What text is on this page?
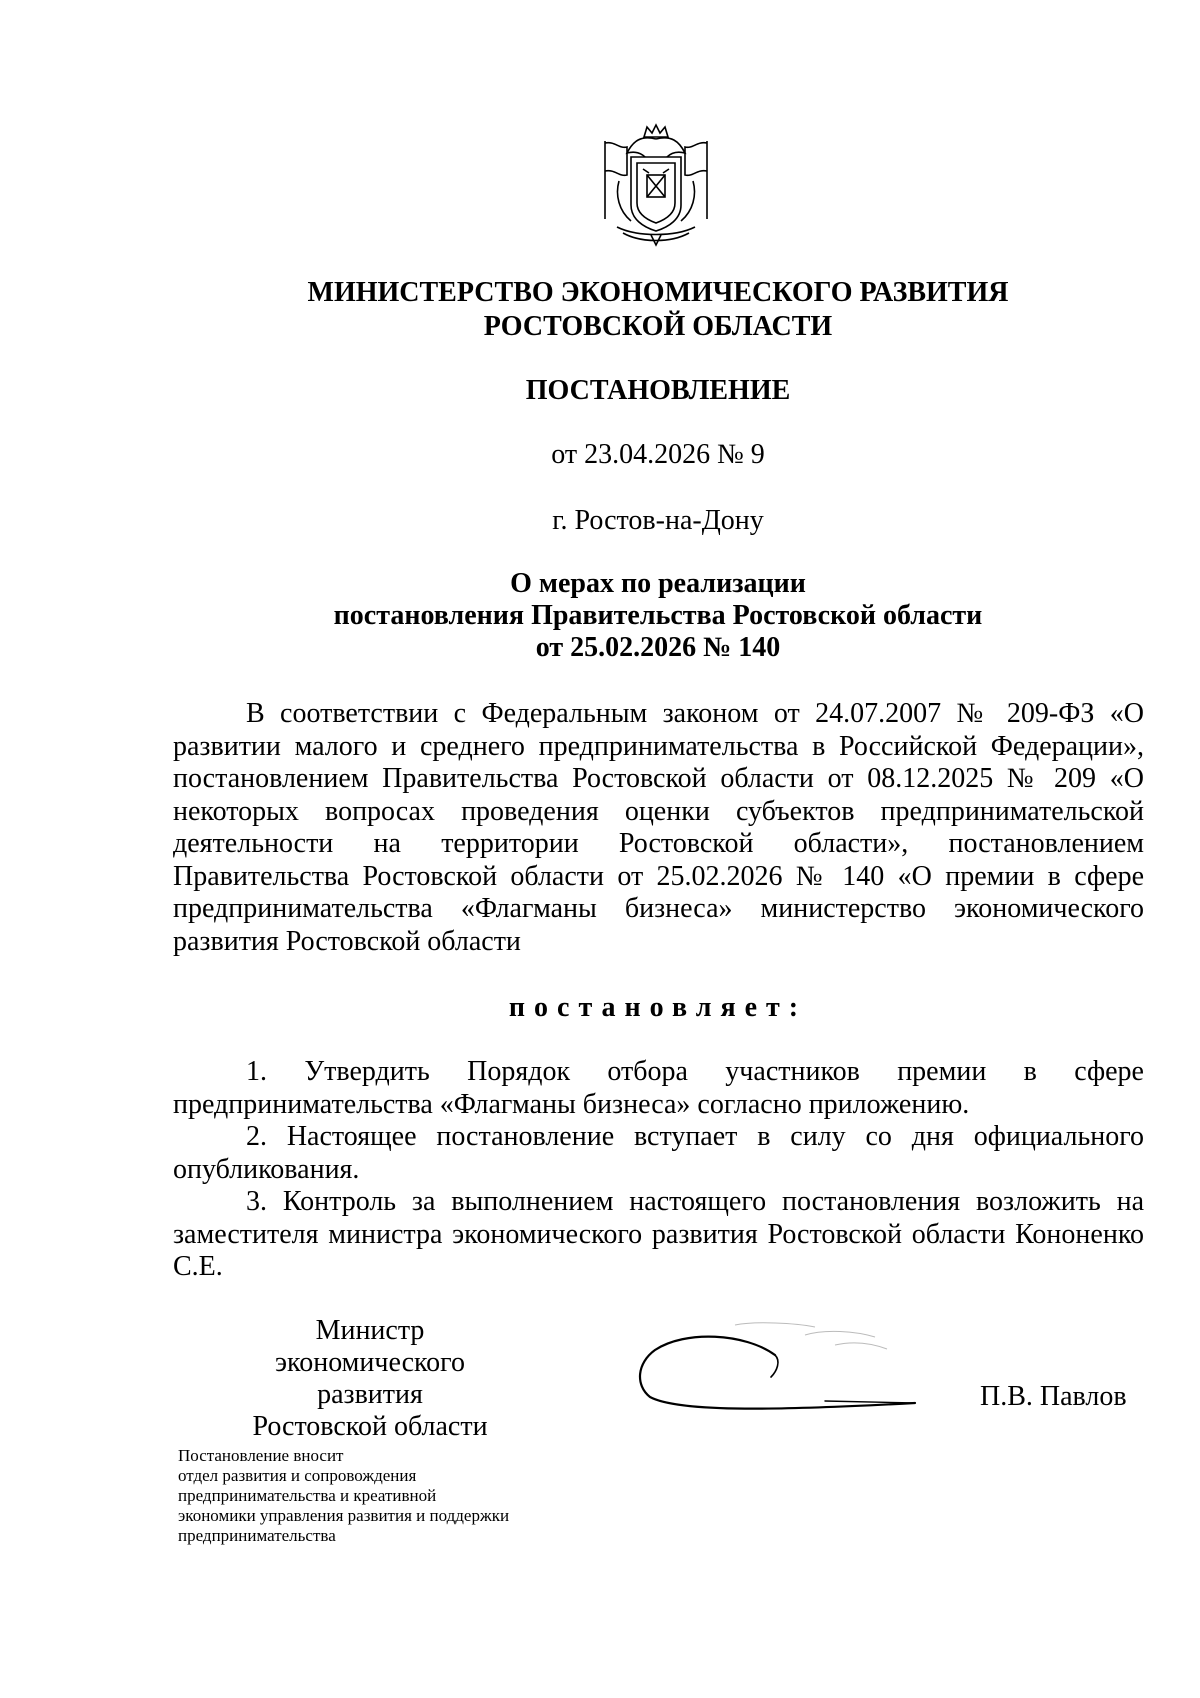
МИНИСТЕРСТВО ЭКОНОМИЧЕСКОГО РАЗВИТИЯ
РОСТОВСКОЙ ОБЛАСТИ
ПОСТАНОВЛЕНИЕ
от 23.04.2026 № 9
г. Ростов-на-Дону
О мерах по реализации
постановления Правительства Ростовской области
от 25.02.2026 № 140

В соответствии с Федеральным законом от 24.07.2007 № 209-ФЗ «О развитии малого и среднего предпринимательства в Российской Федерации», постановлением Правительства Ростовской области от 08.12.2025 № 209 «О некоторых вопросах проведения оценки субъектов предпринимательской деятельности на территории Ростовской области», постановлением Правительства Ростовской области от 25.02.2026 № 140 «О премии в сфере предпринимательства «Флагманы бизнеса» министерство экономического развития Ростовской области

постановляет:

1. Утвердить Порядок отбора участников премии в сфере предпринимательства «Флагманы бизнеса» согласно приложению.

2. Настоящее постановление вступает в силу со дня официального опубликования.

3. Контроль за выполнением настоящего постановления возложить на заместителя министра экономического развития Ростовской области Кононенко С.Е.

Министр
экономического развития
Ростовской области
П.В. Павлов
Постановление вносит
отдел развития и сопровождения
предпринимательства и креативной
экономики управления развития и поддержки
предпринимательства
